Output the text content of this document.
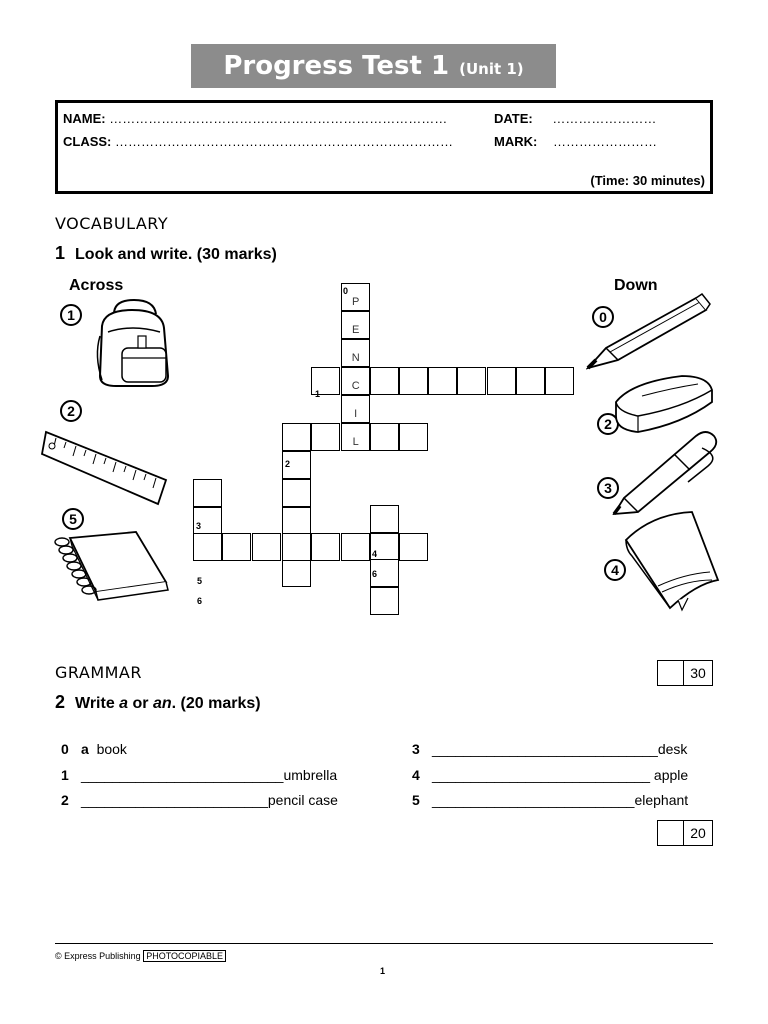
Progress Test 1 (Unit 1)
NAME: ……………………………………………………………………	DATE: ……………………
CLASS: ……………………………………………………………………	MARK: ……………………
(Time: 30 minutes)
VOCABULARY
1 Look and write. (30 marks)
Across	Down
1
2
5
0
2
3
4
P
E
N
C
I
L
0
1
2
3
4
5
6
6
30
GRAMMAR
2 Write a or an. (20 marks)
0 a book
1 __________________________umbrella
2 ________________________pencil case
3 _____________________________desk
4 ____________________________ apple
5 __________________________elephant
20
© Express Publishing PHOTOCOPIABLE
1
